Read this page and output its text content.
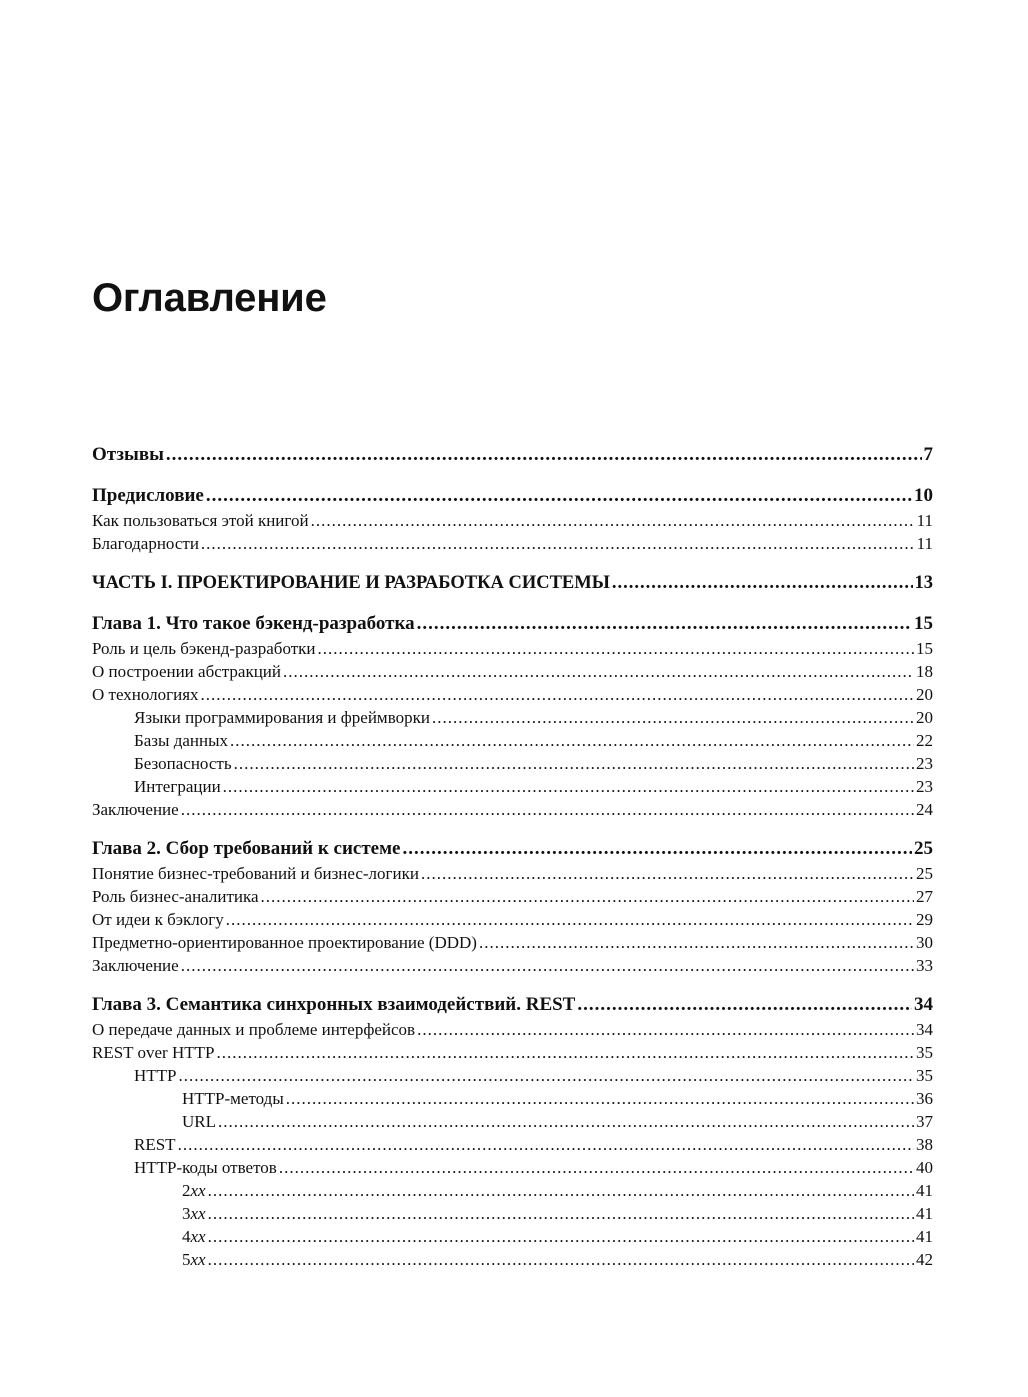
Оглавление
Отзывы .....	7
Предисловие .....	10
Как пользоваться этой книгой .....	11
Благодарности .....	11
ЧАСТЬ I. ПРОЕКТИРОВАНИЕ И РАЗРАБОТКА СИСТЕМЫ .....	13
Глава 1. Что такое бэкенд-разработка .....	15
Роль и цель бэкенд-разработки .....	15
О построении абстракций .....	18
О технологиях .....	20
Языки программирования и фреймворки .....	20
Базы данных .....	22
Безопасность .....	23
Интеграции .....	23
Заключение .....	24
Глава 2. Сбор требований к системе .....	25
Понятие бизнес-требований и бизнес-логики .....	25
Роль бизнес-аналитика .....	27
От идеи к бэклогу .....	29
Предметно-ориентированное проектирование (DDD) .....	30
Заключение .....	33
Глава 3. Семантика синхронных взаимодействий. REST .....	34
О передаче данных и проблеме интерфейсов .....	34
REST over HTTP .....	35
HTTP .....	35
HTTP-методы .....	36
URL .....	37
REST .....	38
HTTP-коды ответов .....	40
2xx .....	41
3xx .....	41
4xx .....	41
5xx .....	42
